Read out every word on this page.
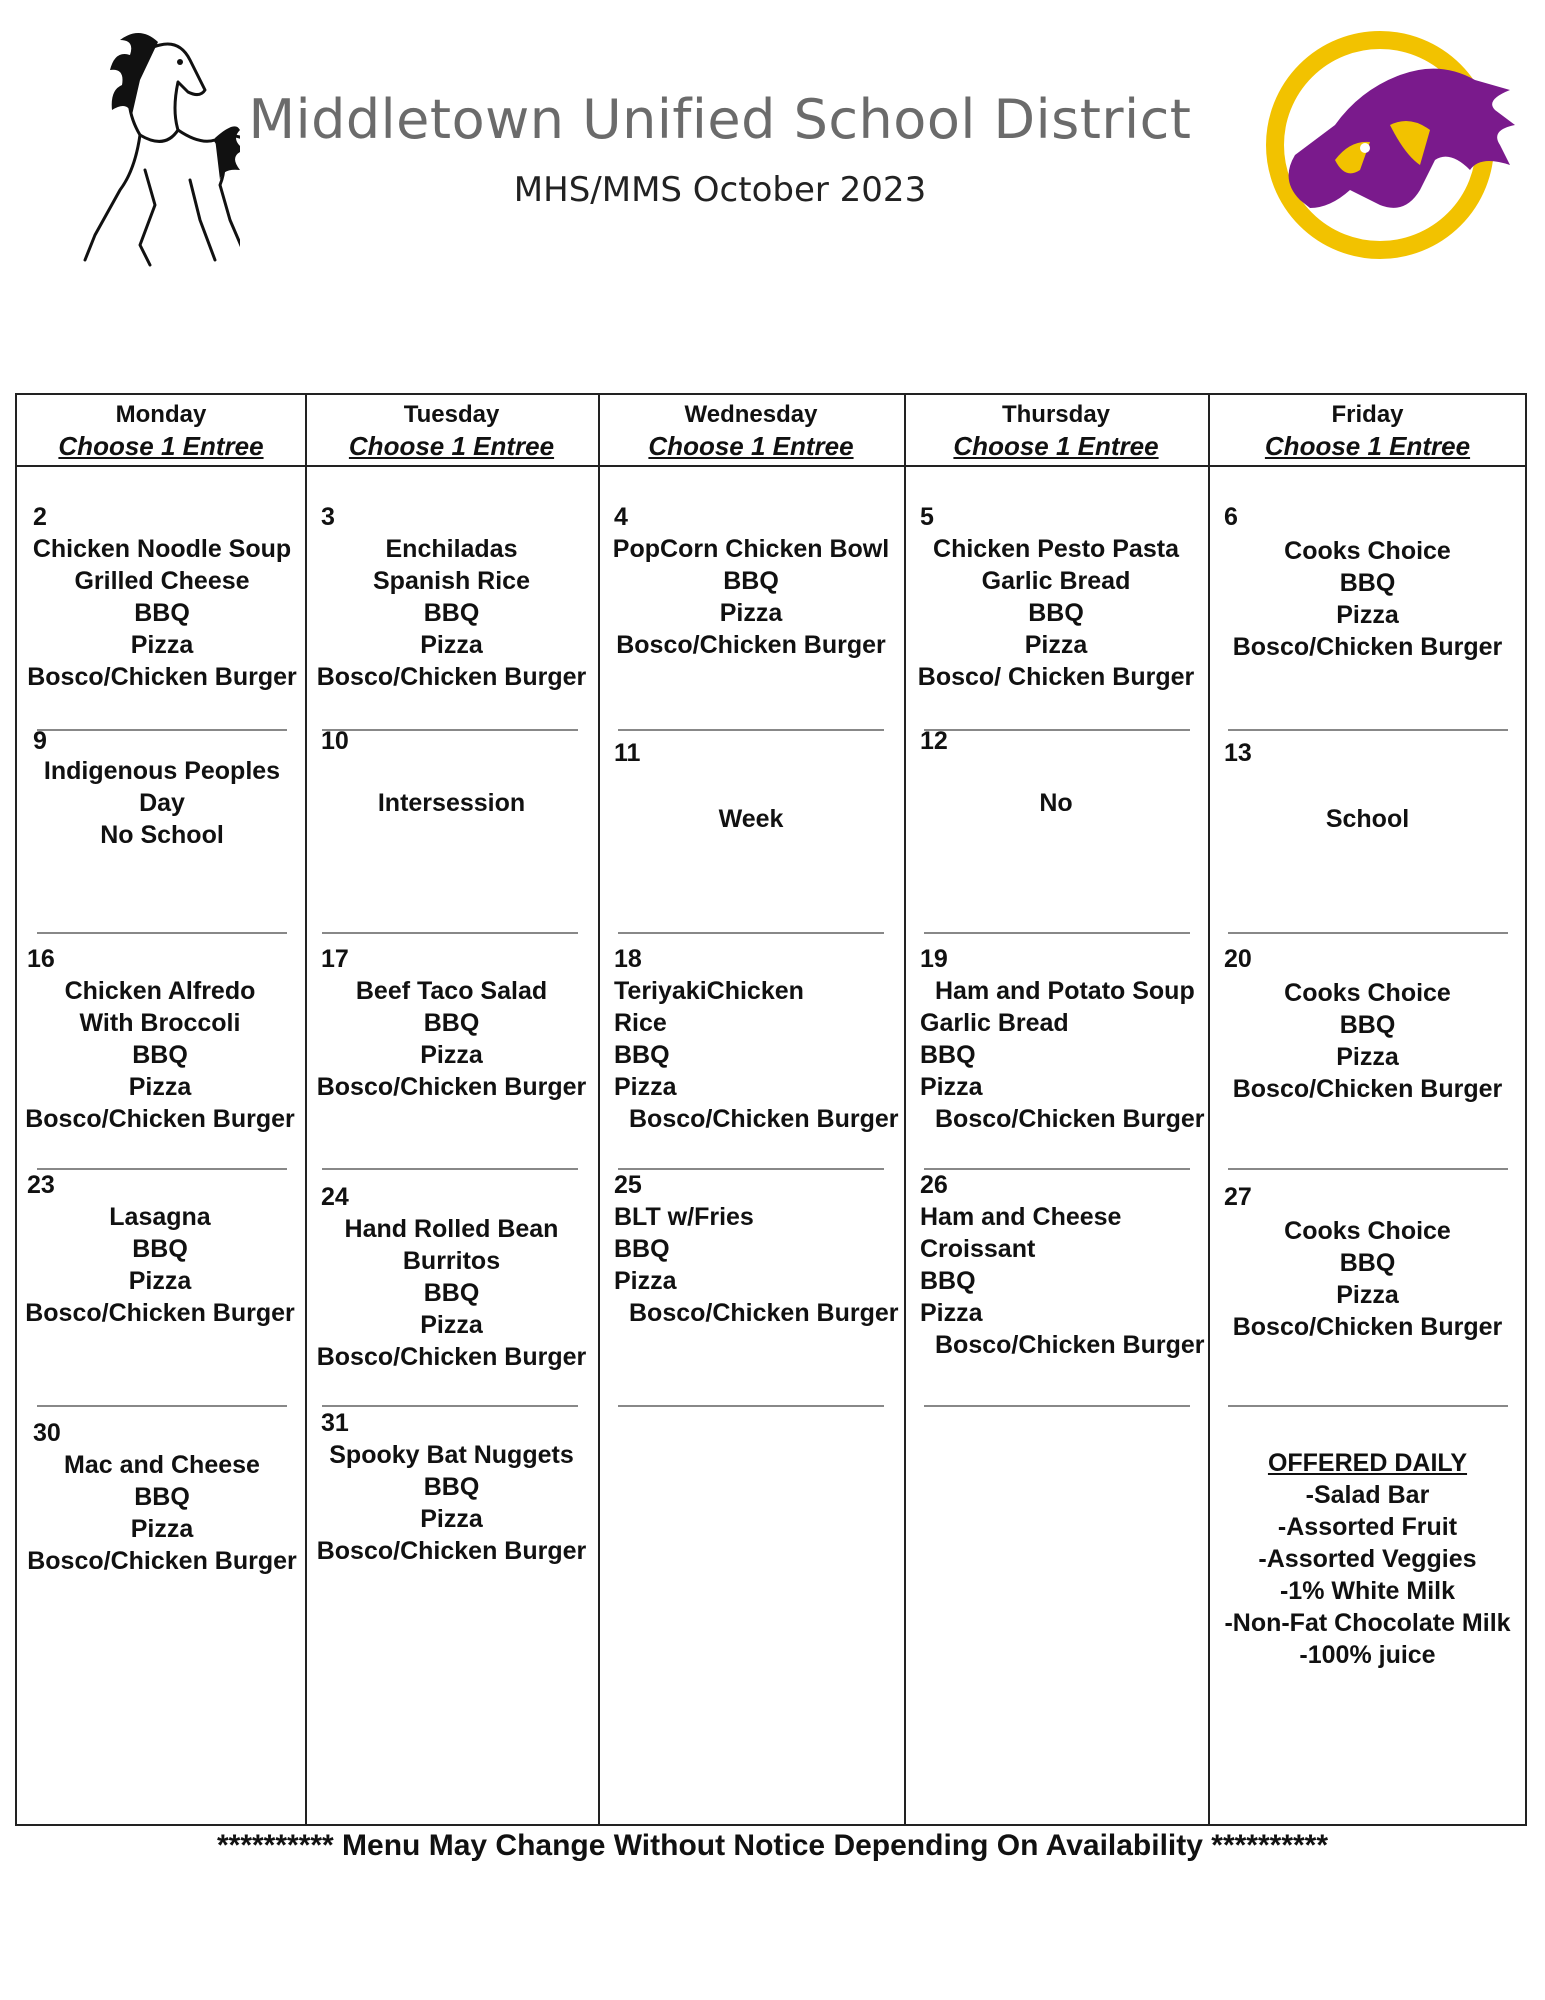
Middletown Unified School District
MHS/MMS October 2023
Monday
Choose 1 Entree
Tuesday
Choose 1 Entree
Wednesday
Choose 1 Entree
Thursday
Choose 1 Entree
Friday
Choose 1 Entree
2
Chicken Noodle Soup
Grilled Cheese
BBQ
Pizza
Bosco/Chicken Burger
3
Enchiladas
Spanish Rice
BBQ
Pizza
Bosco/Chicken Burger
4
PopCorn Chicken Bowl
BBQ
Pizza
Bosco/Chicken Burger
5
Chicken Pesto Pasta
Garlic Bread
BBQ
Pizza
Bosco/ Chicken Burger
6
Cooks Choice
BBQ
Pizza
Bosco/Chicken Burger
9
Indigenous Peoples
Day
No School
10
Intersession
11
Week
12
No
13
School
16
Chicken Alfredo
With Broccoli
BBQ
Pizza
Bosco/Chicken Burger
17
Beef Taco Salad
BBQ
Pizza
Bosco/Chicken Burger
18
TeriyakiChicken
Rice
BBQ
Pizza
Bosco/Chicken Burger
19
Ham and Potato Soup
Garlic Bread
BBQ
Pizza
Bosco/Chicken Burger
20
Cooks Choice
BBQ
Pizza
Bosco/Chicken Burger
23
Lasagna
BBQ
Pizza
Bosco/Chicken Burger
24
Hand Rolled Bean
Burritos
BBQ
Pizza
Bosco/Chicken Burger
25
BLT w/Fries
BBQ
Pizza
Bosco/Chicken Burger
26
Ham and Cheese
Croissant
BBQ
Pizza
Bosco/Chicken Burger
27
Cooks Choice
BBQ
Pizza
Bosco/Chicken Burger
30
Mac and Cheese
BBQ
Pizza
Bosco/Chicken Burger
31
Spooky Bat Nuggets
BBQ
Pizza
Bosco/Chicken Burger
OFFERED DAILY
-Salad Bar
-Assorted Fruit
-Assorted Veggies
-1% White Milk
-Non-Fat Chocolate Milk
-100% juice
********** Menu May Change Without Notice Depending On Availability **********
